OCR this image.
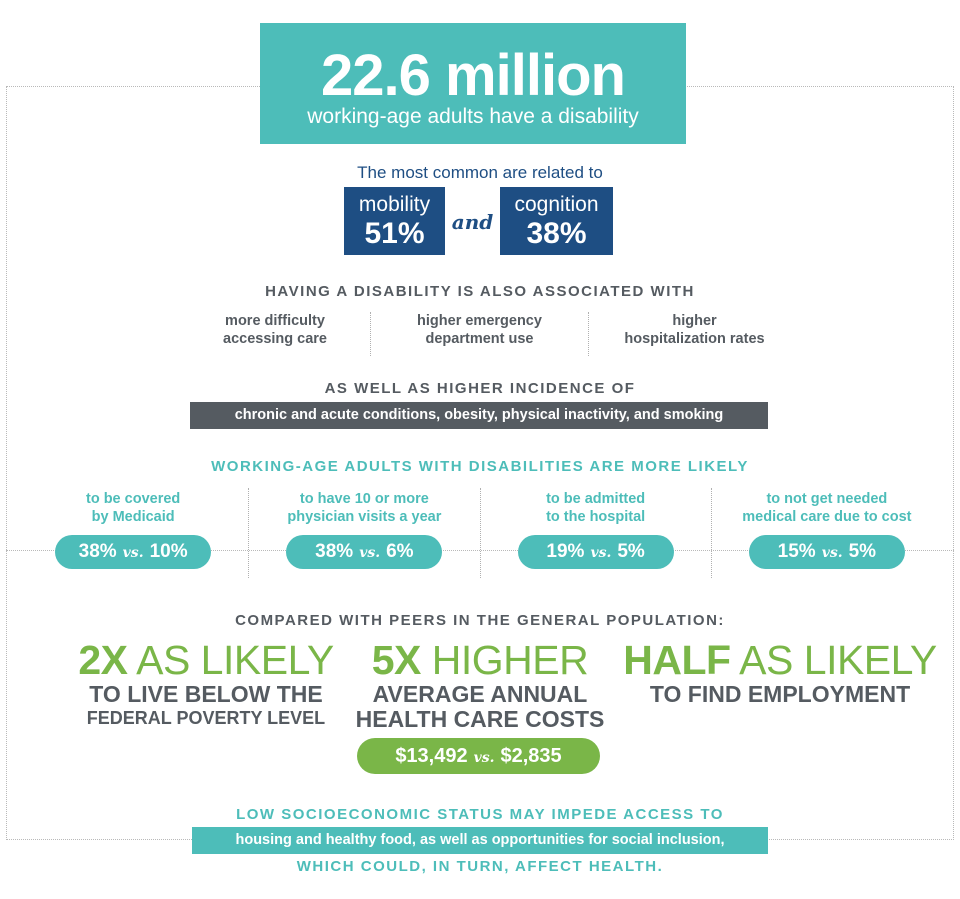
22.6 million
working-age adults have a disability
The most common are related to
mobility
51%	and
cognition
38%
HAVING A DISABILITY IS ALSO ASSOCIATED WITH
more difficulty
accessing care
higher emergency
department use
higher
hospitalization rates
AS WELL AS HIGHER INCIDENCE OF
chronic and acute conditions, obesity, physical inactivity, and smoking
WORKING-AGE ADULTS WITH DISABILITIES ARE MORE LIKELY
to be covered
by Medicaid
38% vs. 10%
to have 10 or more
physician visits a year
38% vs. 6%
to be admitted
to the hospital
19% vs. 5%
to not get needed
medical care due to cost
15% vs. 5%
COMPARED WITH PEERS IN THE GENERAL POPULATION:
2X AS LIKELY
TO LIVE BELOW THE
FEDERAL POVERTY LEVEL
5X HIGHER
AVERAGE ANNUAL
HEALTH CARE COSTS
$13,492 vs. $2,835
HALF AS LIKELY
TO FIND EMPLOYMENT
LOW SOCIOECONOMIC STATUS MAY IMPEDE ACCESS TO
housing and healthy food, as well as opportunities for social inclusion,
WHICH COULD, IN TURN, AFFECT HEALTH.
